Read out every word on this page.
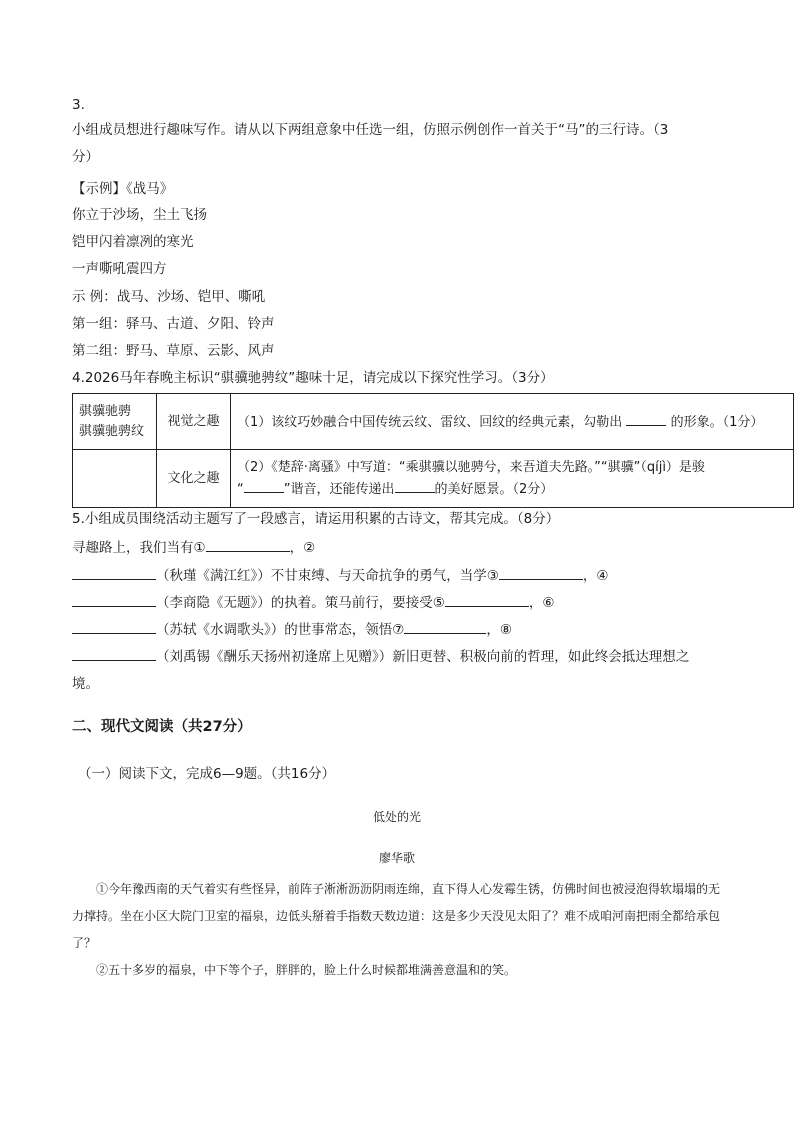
3.
小组成员想进行趣味写作。请从以下两组意象中任选一组，仿照示例创作一首关于“马”的三行诗。（3
分）
【示例】《战马》
你立于沙场，尘土飞扬
铠甲闪着凛冽的寒光
一声嘶吼震四方
示 例：战马、沙场、铠甲、嘶吼
第一组：驿马、古道、夕阳、铃声
第二组：野马、草原、云影、风声
4.2026马年春晚主标识“骐骥驰骋纹”趣味十足，请完成以下探究性学习。（3分）
骐骥驰骋
骐骥驰骋纹	视觉之趣	（1）该纹巧妙融合中国传统云纹、雷纹、回纹的经典元素，勾勒出 的形象。（1分）
	文化之趣	（2）《楚辞·离骚》中写道：“乘骐骥以驰骋兮，来吾道夫先路。”“骐骥”（qíjì）是骏
“ ”谐音，还能传递出 的美好愿景。（2分）
5.小组成员围绕活动主题写了一段感言，请运用积累的古诗文，帮其完成。（8分）
寻趣路上，我们当有①	，②
（秋瑾《满江红》）不甘束缚、与天命抗争的勇气，当学③	，④
（李商隐《无题》）的执着。策马前行，要接受⑤	，⑥
（苏轼《水调歌头》）的世事常态，领悟⑦	，⑧
（刘禹锡《酬乐天扬州初逢席上见赠》）新旧更替、积极向前的哲理，如此终会抵达理想之
境。
二、现代文阅读（共27分）
（一）阅读下文，完成6—9题。（共16分）
低处的光
廖华歌

①今年豫西南的天气着实有些怪异，前阵子淅淅沥沥阴雨连绵，直下得人心发霉生锈，仿佛时间也被浸泡得软塌塌的无力撑持。坐在小区大院门卫室的福泉，边低头掰着手指数天数边道：这是多少天没见太阳了？难不成咱河南把雨全都给承包了？

②五十多岁的福泉，中下等个子，胖胖的，脸上什么时候都堆满善意温和的笑。
